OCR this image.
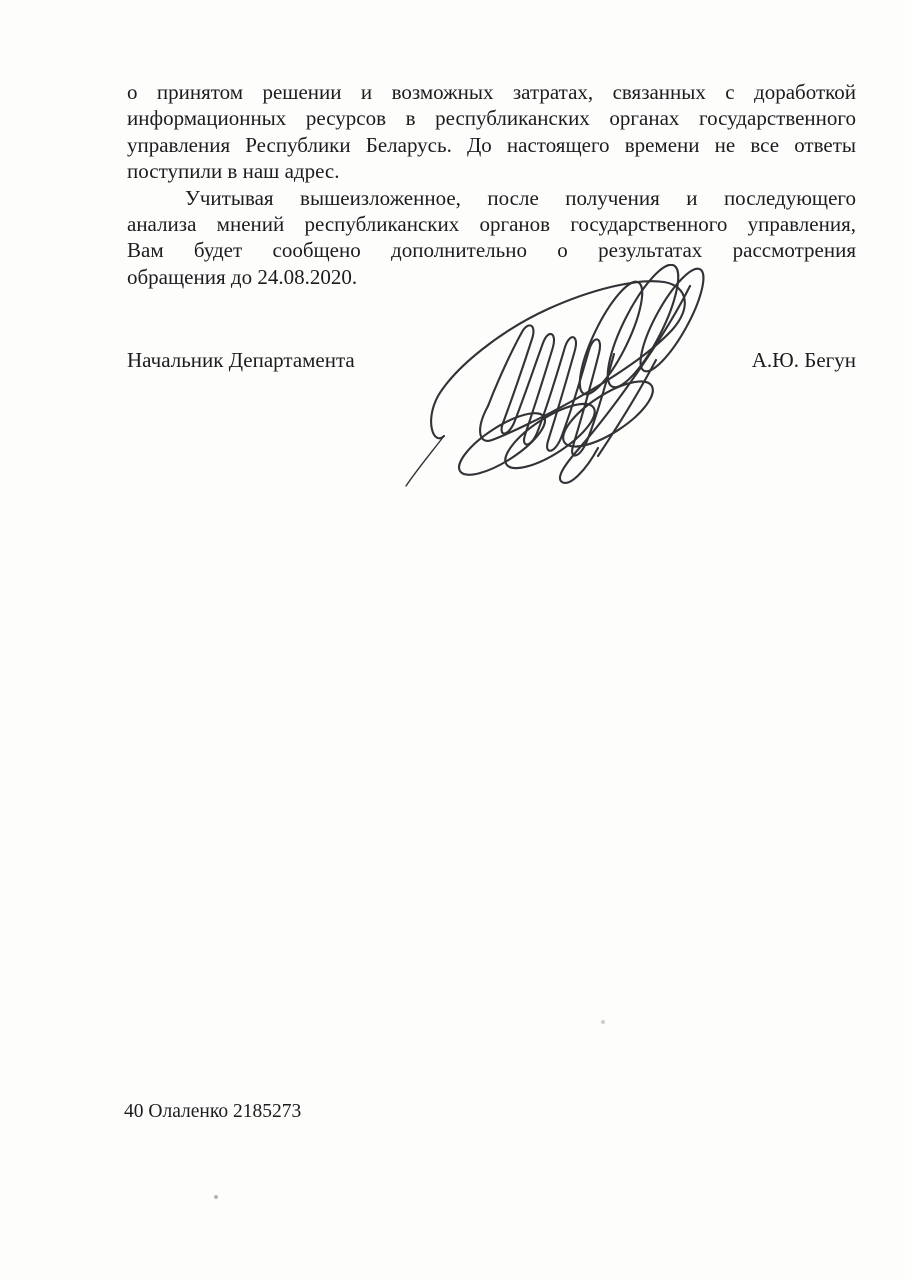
о принятом решении и возможных затратах, связанных с доработкой
информационных ресурсов в республиканских органах государственного
управления Республики Беларусь. До настоящего времени не все ответы
поступили в наш адрес.
Учитывая вышеизложенное, после получения и последующего
анализа мнений республиканских органов государственного управления,
Вам будет сообщено дополнительно о результатах рассмотрения
обращения до 24.08.2020.
Начальник Департамента	А.Ю. Бегун
40 Олаленко 2185273
